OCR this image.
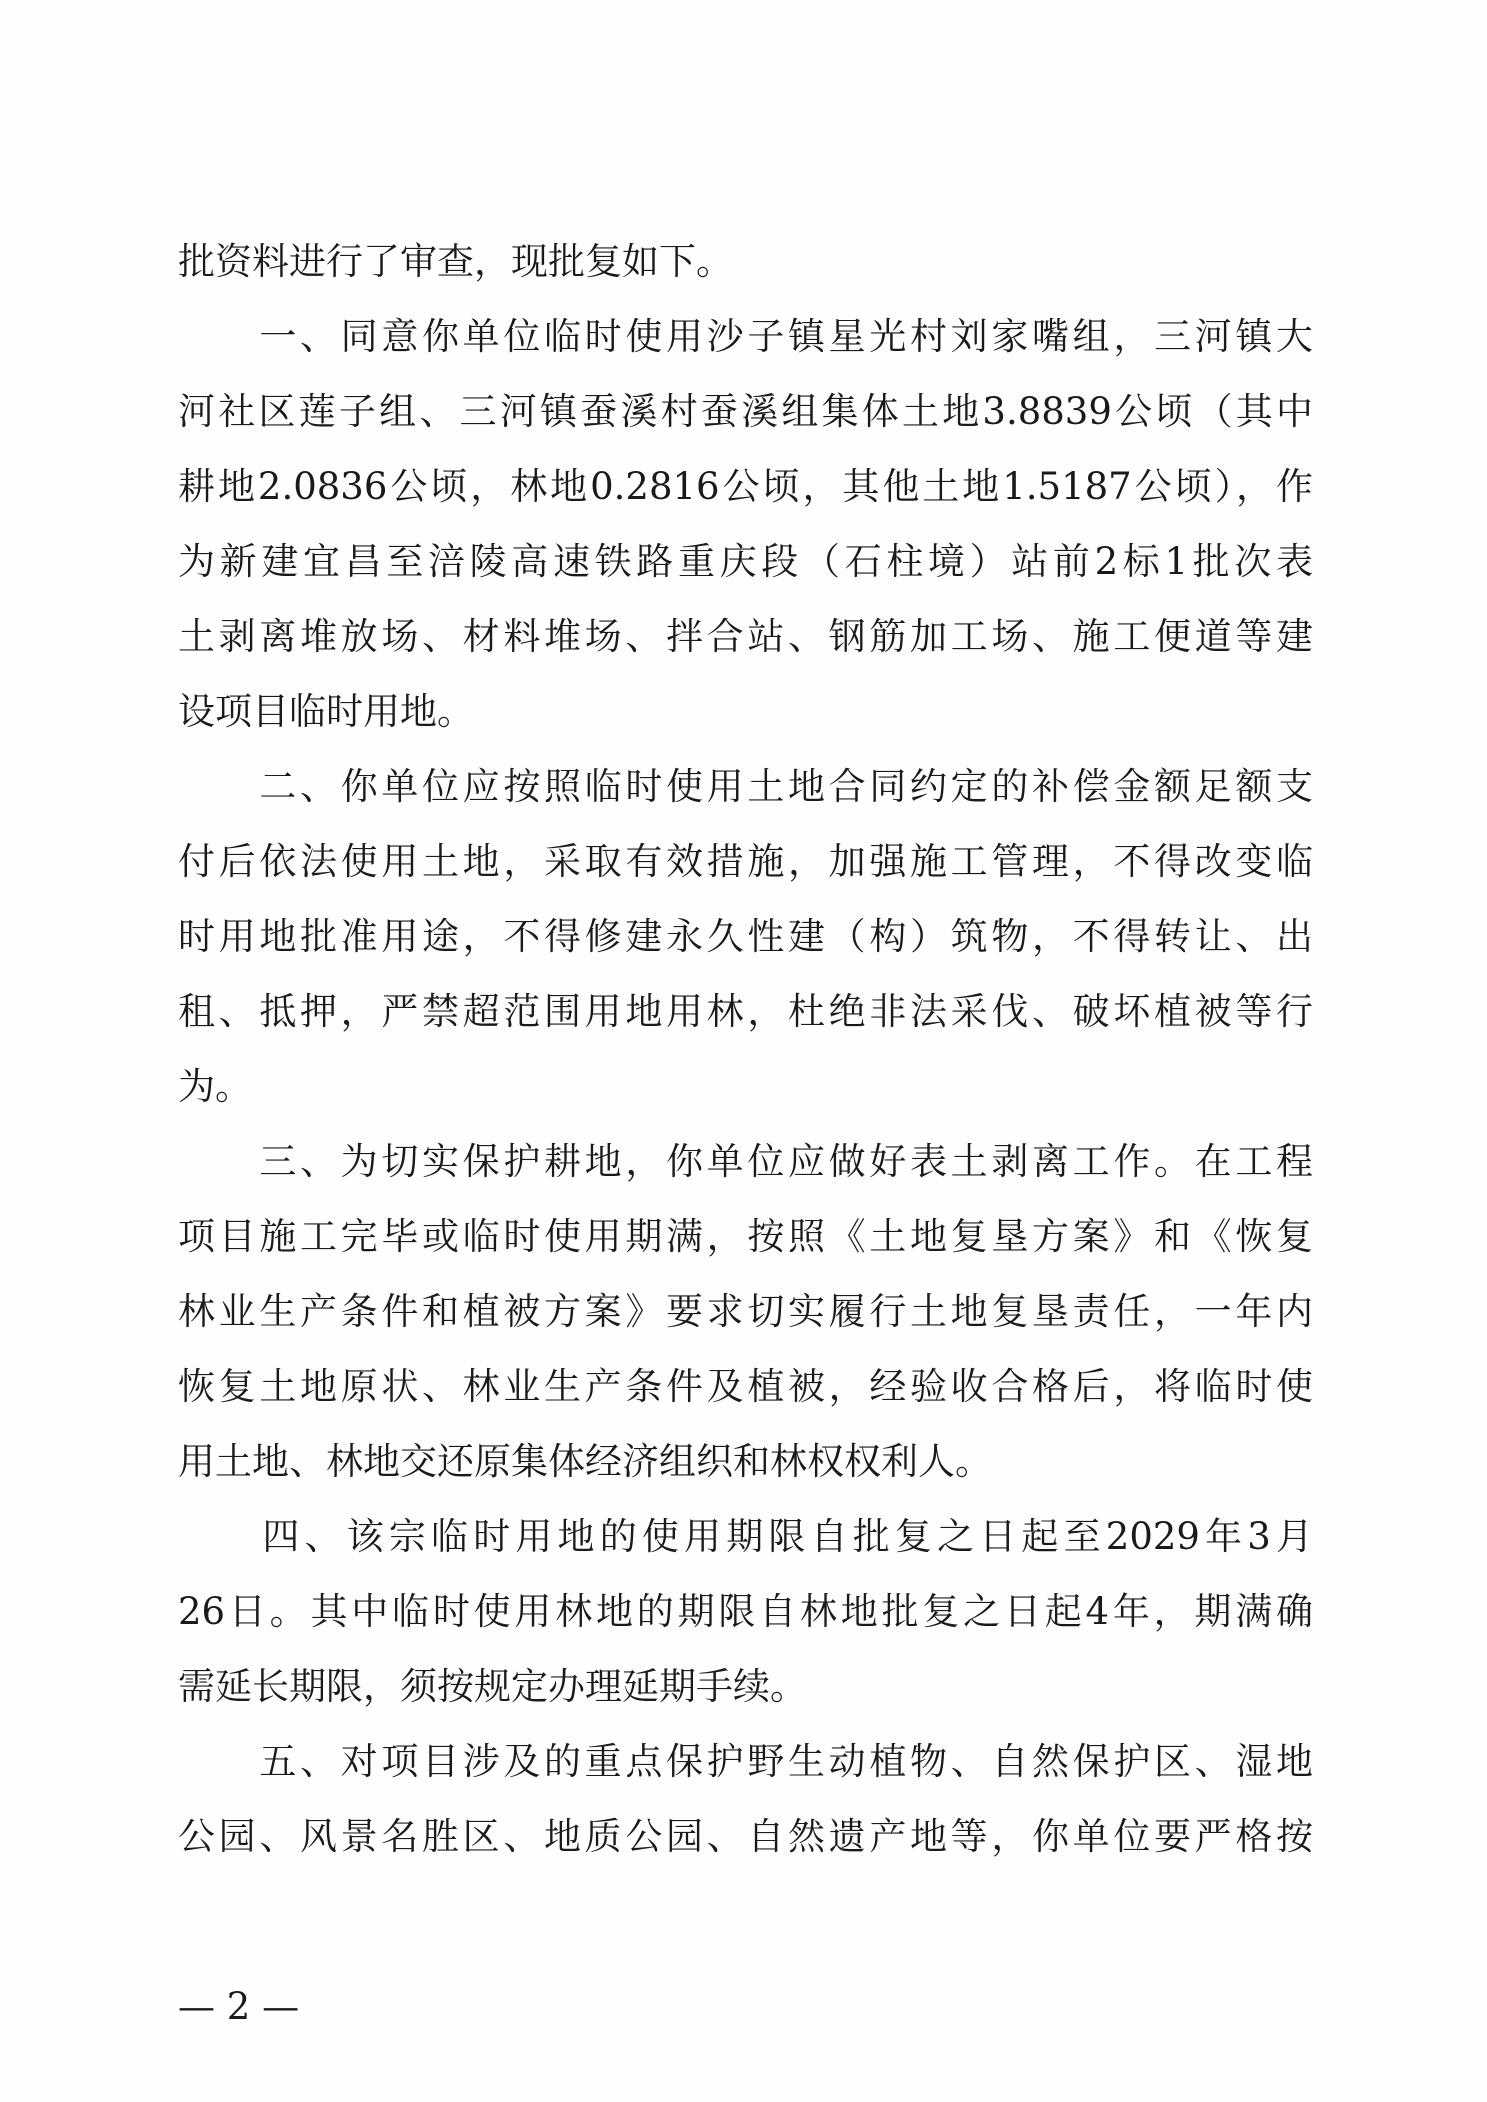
批资料进行了审查，现批复如下。
　　一、同意你单位临时使用沙子镇星光村刘家嘴组，三河镇大
河社区莲子组、三河镇蚕溪村蚕溪组集体土地3.8839公顷（其中
耕地2.0836公顷，林地0.2816公顷，其他土地1.5187公顷），作
为新建宜昌至涪陵高速铁路重庆段（石柱境）站前2标1批次表
土剥离堆放场、材料堆场、拌合站、钢筋加工场、施工便道等建
设项目临时用地。
　　二、你单位应按照临时使用土地合同约定的补偿金额足额支
付后依法使用土地，采取有效措施，加强施工管理，不得改变临
时用地批准用途，不得修建永久性建（构）筑物，不得转让、出
租、抵押，严禁超范围用地用林，杜绝非法采伐、破坏植被等行
为。
　　三、为切实保护耕地，你单位应做好表土剥离工作。在工程
项目施工完毕或临时使用期满，按照《土地复垦方案》和《恢复
林业生产条件和植被方案》要求切实履行土地复垦责任，一年内
恢复土地原状、林业生产条件及植被，经验收合格后，将临时使
用土地、林地交还原集体经济组织和林权权利人。
　　四、该宗临时用地的使用期限自批复之日起至2029年3月
26日。其中临时使用林地的期限自林地批复之日起4年，期满确
需延长期限，须按规定办理延期手续。
　　五、对项目涉及的重点保护野生动植物、自然保护区、湿地
公园、风景名胜区、地质公园、自然遗产地等，你单位要严格按
— 2 —
